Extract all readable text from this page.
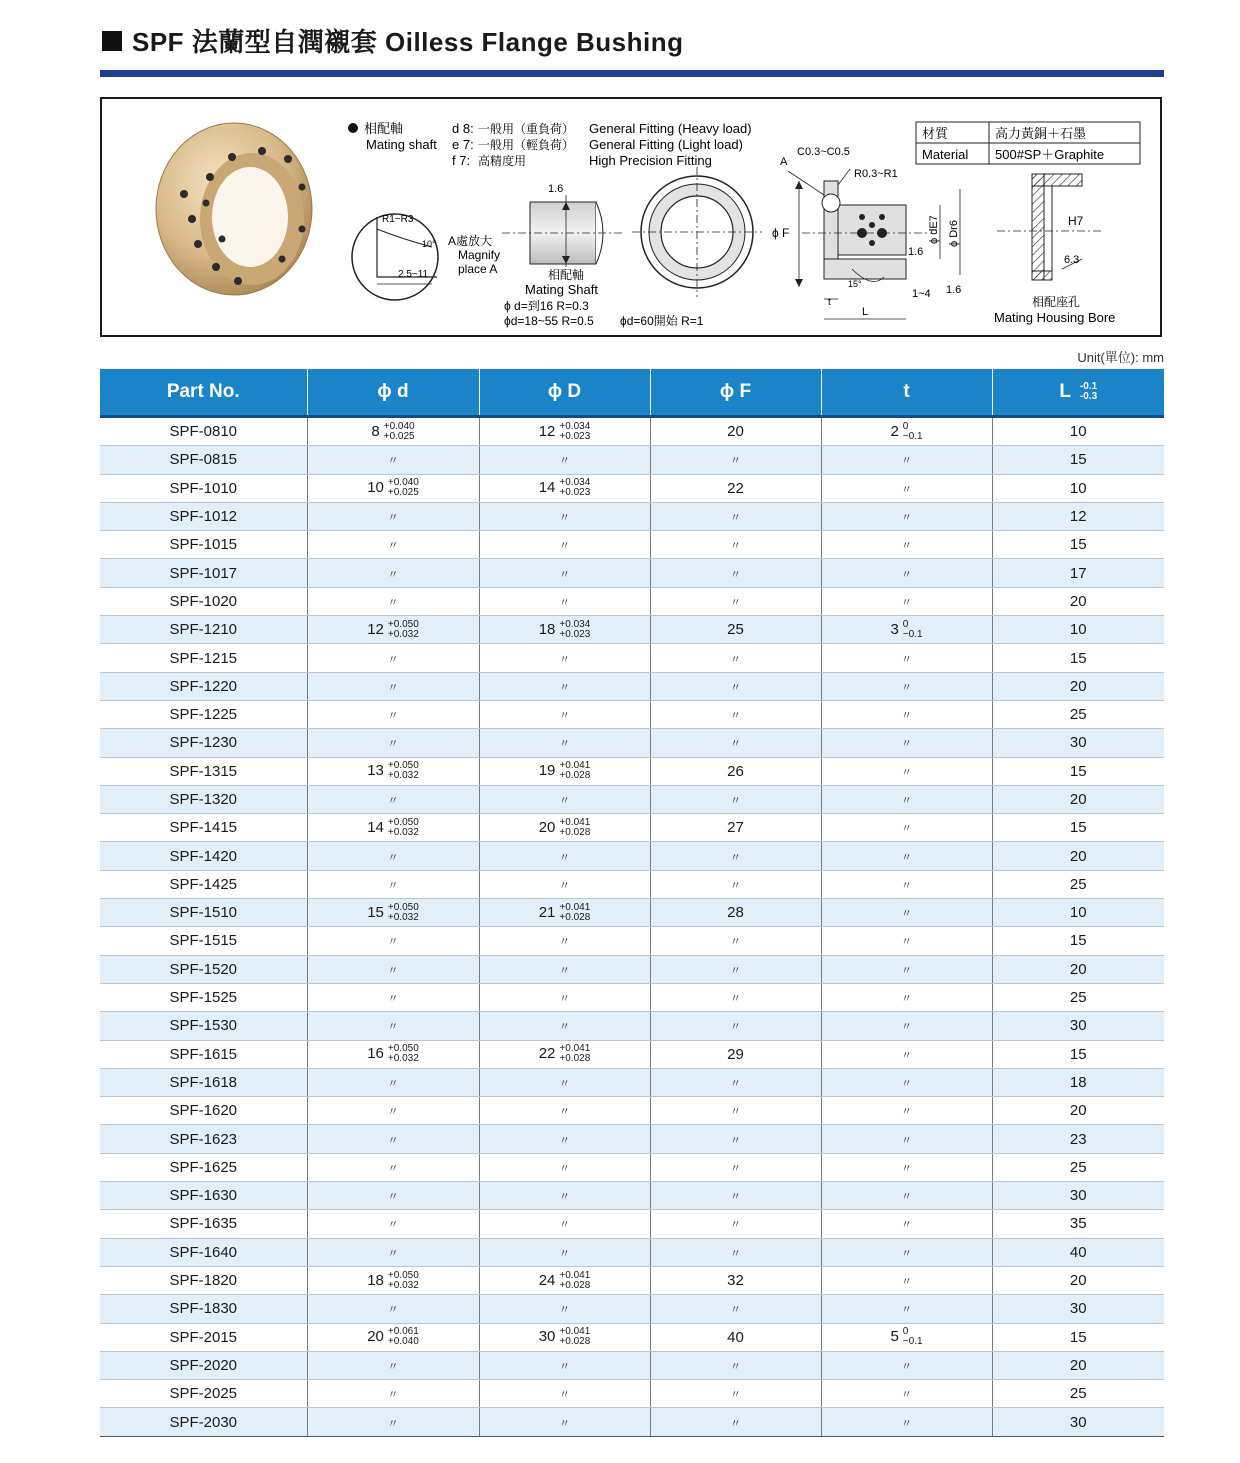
SPF 法蘭型自潤襯套 Oilless Flange Bushing
相配軸
Mating shaft
d 8: 一般用（重負荷） General Fitting (Heavy load)
e 7: 一般用（輕負荷） General Fitting (Light load)
f 7: 高精度用	High Precision Fitting
R1~R3
10°
2.5~11
A處放大
Magnify
place A
1.6
相配軸
Mating Shaft
ϕ d=到16 R=0.3
ϕd=18~55 R=0.5 ϕd=60開始 R=1
C0.3~C0.5
A
R0.3~R1
ϕ F	ϕ dE7 ϕ Dr6
1.6
1.6
15°
t
L
1~4
材質	高力黃銅＋石墨
Material 500#SP＋Graphite
H7
6.3
相配座孔
Mating Housing Bore
Unit(單位): mm
Part No.	ϕ d	ϕ D	ϕ F	t	L -0.1
-0.3

SPF-0810	8 +0.040
+0.025	12 +0.034
+0.023	20	2 0
−0.1	10
SPF-0815	〃	〃	〃	〃	15
SPF-1010	10 +0.040
+0.025	14 +0.034
+0.023	22	〃	10
SPF-1012	〃	〃	〃	〃	12
SPF-1015	〃	〃	〃	〃	15
SPF-1017	〃	〃	〃	〃	17
SPF-1020	〃	〃	〃	〃	20
SPF-1210	12 +0.050
+0.032	18 +0.034
+0.023	25	3 0
−0.1	10
SPF-1215	〃	〃	〃	〃	15
SPF-1220	〃	〃	〃	〃	20
SPF-1225	〃	〃	〃	〃	25
SPF-1230	〃	〃	〃	〃	30
SPF-1315	13 +0.050
+0.032	19 +0.041
+0.028	26	〃	15
SPF-1320	〃	〃	〃	〃	20
SPF-1415	14 +0.050
+0.032	20 +0.041
+0.028	27	〃	15
SPF-1420	〃	〃	〃	〃	20
SPF-1425	〃	〃	〃	〃	25
SPF-1510	15 +0.050
+0.032	21 +0.041
+0.028	28	〃	10
SPF-1515	〃	〃	〃	〃	15
SPF-1520	〃	〃	〃	〃	20
SPF-1525	〃	〃	〃	〃	25
SPF-1530	〃	〃	〃	〃	30
SPF-1615	16 +0.050
+0.032	22 +0.041
+0.028	29	〃	15
SPF-1618	〃	〃	〃	〃	18
SPF-1620	〃	〃	〃	〃	20
SPF-1623	〃	〃	〃	〃	23
SPF-1625	〃	〃	〃	〃	25
SPF-1630	〃	〃	〃	〃	30
SPF-1635	〃	〃	〃	〃	35
SPF-1640	〃	〃	〃	〃	40
SPF-1820	18 +0.050
+0.032	24 +0.041
+0.028	32	〃	20
SPF-1830	〃	〃	〃	〃	30
SPF-2015	20 +0.061
+0.040	30 +0.041
+0.028	40	5 0
−0.1	15
SPF-2020	〃	〃	〃	〃	20
SPF-2025	〃	〃	〃	〃	25
SPF-2030	〃	〃	〃	〃	30
